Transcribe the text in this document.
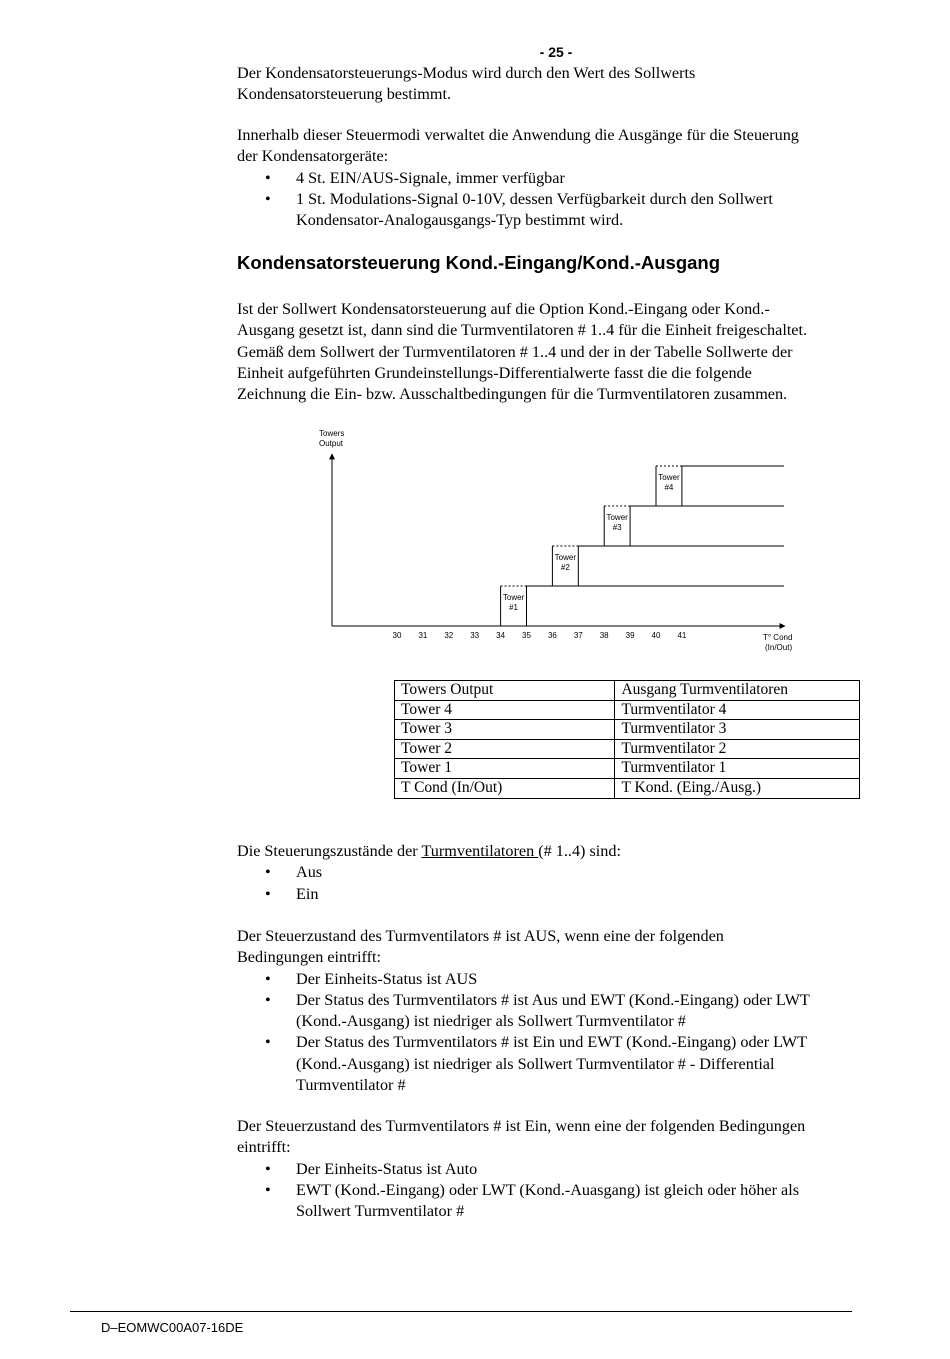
- 25 -
Der Kondensatorsteuerungs-Modus wird durch den Wert des Sollwerts
Kondensatorsteuerung bestimmt.
Innerhalb dieser Steuermodi verwaltet die Anwendung die Ausgänge für die Steuerung
der Kondensatorgeräte:
• 4 St. EIN/AUS-Signale, immer verfügbar
• 1 St. Modulations-Signal 0-10V, dessen Verfügbarkeit durch den Sollwert
Kondensator-Analogausgangs-Typ bestimmt wird.
Kondensatorsteuerung Kond.-Eingang/Kond.-Ausgang
Ist der Sollwert Kondensatorsteuerung auf die Option Kond.-Eingang oder Kond.-
Ausgang gesetzt ist, dann sind die Turmventilatoren # 1..4 für die Einheit freigeschaltet.
Gemäß dem Sollwert der Turmventilatoren # 1..4 und der in der Tabelle Sollwerte der
Einheit aufgeführten Grundeinstellungs-Differentialwerte fasst die die folgende
Zeichnung die Ein- bzw. Ausschaltbedingungen für die Turmventilatoren zusammen.
Towers Output
T° Cond (In/Out)
30 31 32 33 34 35 36 37 38 39 40 41
Tower #1
Tower #2
Tower #3
Tower #4
Towers Output	Ausgang Turmventilatoren
Tower 4	Turmventilator 4
Tower 3	Turmventilator 3
Tower 2	Turmventilator 2
Tower 1	Turmventilator 1
T Cond (In/Out)	T Kond. (Eing./Ausg.)
Die Steuerungszustände der Turmventilatoren (# 1..4) sind:
• Aus
• Ein
Der Steuerzustand des Turmventilators # ist AUS, wenn eine der folgenden
Bedingungen eintrifft:
• Der Einheits-Status ist AUS
• Der Status des Turmventilators # ist Aus und EWT (Kond.-Eingang) oder LWT
(Kond.-Ausgang) ist niedriger als Sollwert Turmventilator #
• Der Status des Turmventilators # ist Ein und EWT (Kond.-Eingang) oder LWT
(Kond.-Ausgang) ist niedriger als Sollwert Turmventilator # - Differential
Turmventilator #
Der Steuerzustand des Turmventilators # ist Ein, wenn eine der folgenden Bedingungen
eintrifft:
• Der Einheits-Status ist Auto
• EWT (Kond.-Eingang) oder LWT (Kond.-Auasgang) ist gleich oder höher als
Sollwert Turmventilator #
D–EOMWC00A07-16DE
